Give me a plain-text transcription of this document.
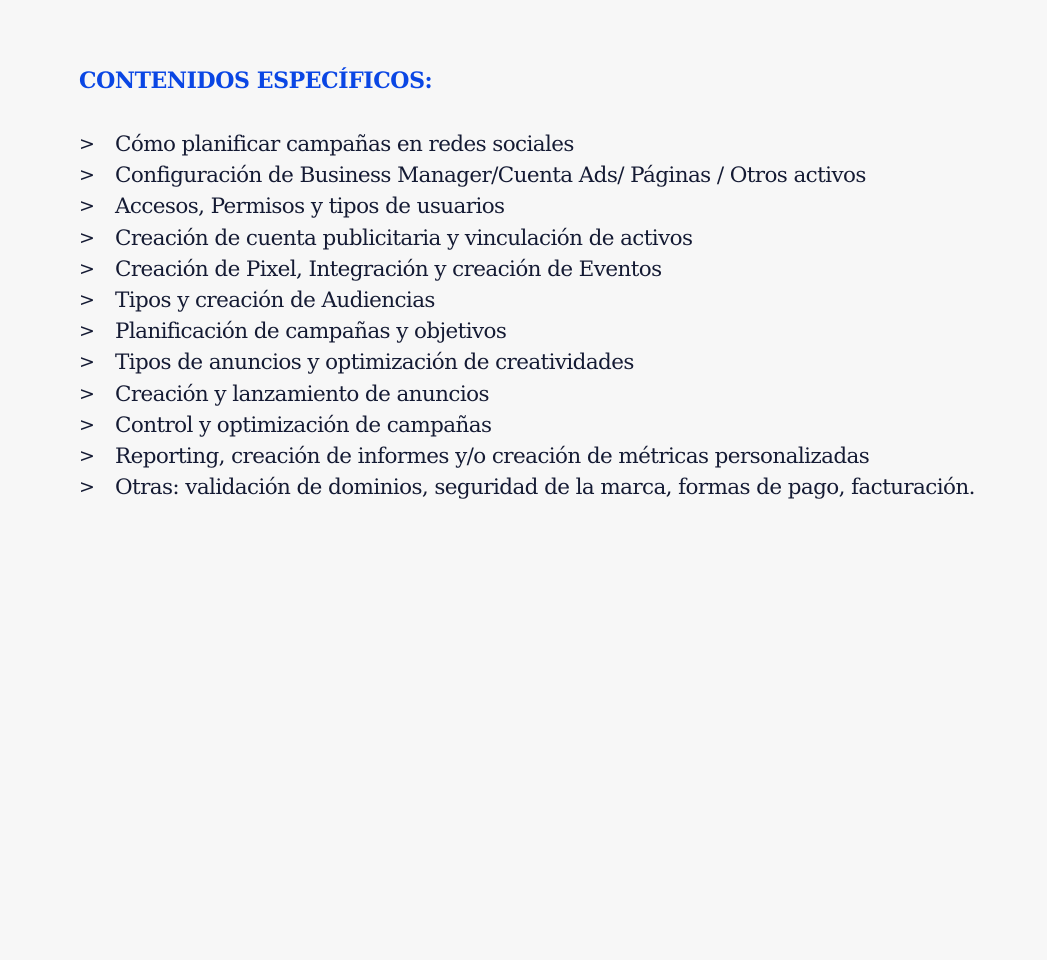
CONTENIDOS ESPECÍFICOS:
> Cómo planificar campañas en redes sociales
> Configuración de Business Manager/Cuenta Ads/ Páginas / Otros activos
> Accesos, Permisos y tipos de usuarios
> Creación de cuenta publicitaria y vinculación de activos
> Creación de Pixel, Integración y creación de Eventos
> Tipos y creación de Audiencias
> Planificación de campañas y objetivos
> Tipos de anuncios y optimización de creatividades
> Creación y lanzamiento de anuncios
> Control y optimización de campañas
> Reporting, creación de informes y/o creación de métricas personalizadas
> Otras: validación de dominios, seguridad de la marca, formas de pago, facturación.
